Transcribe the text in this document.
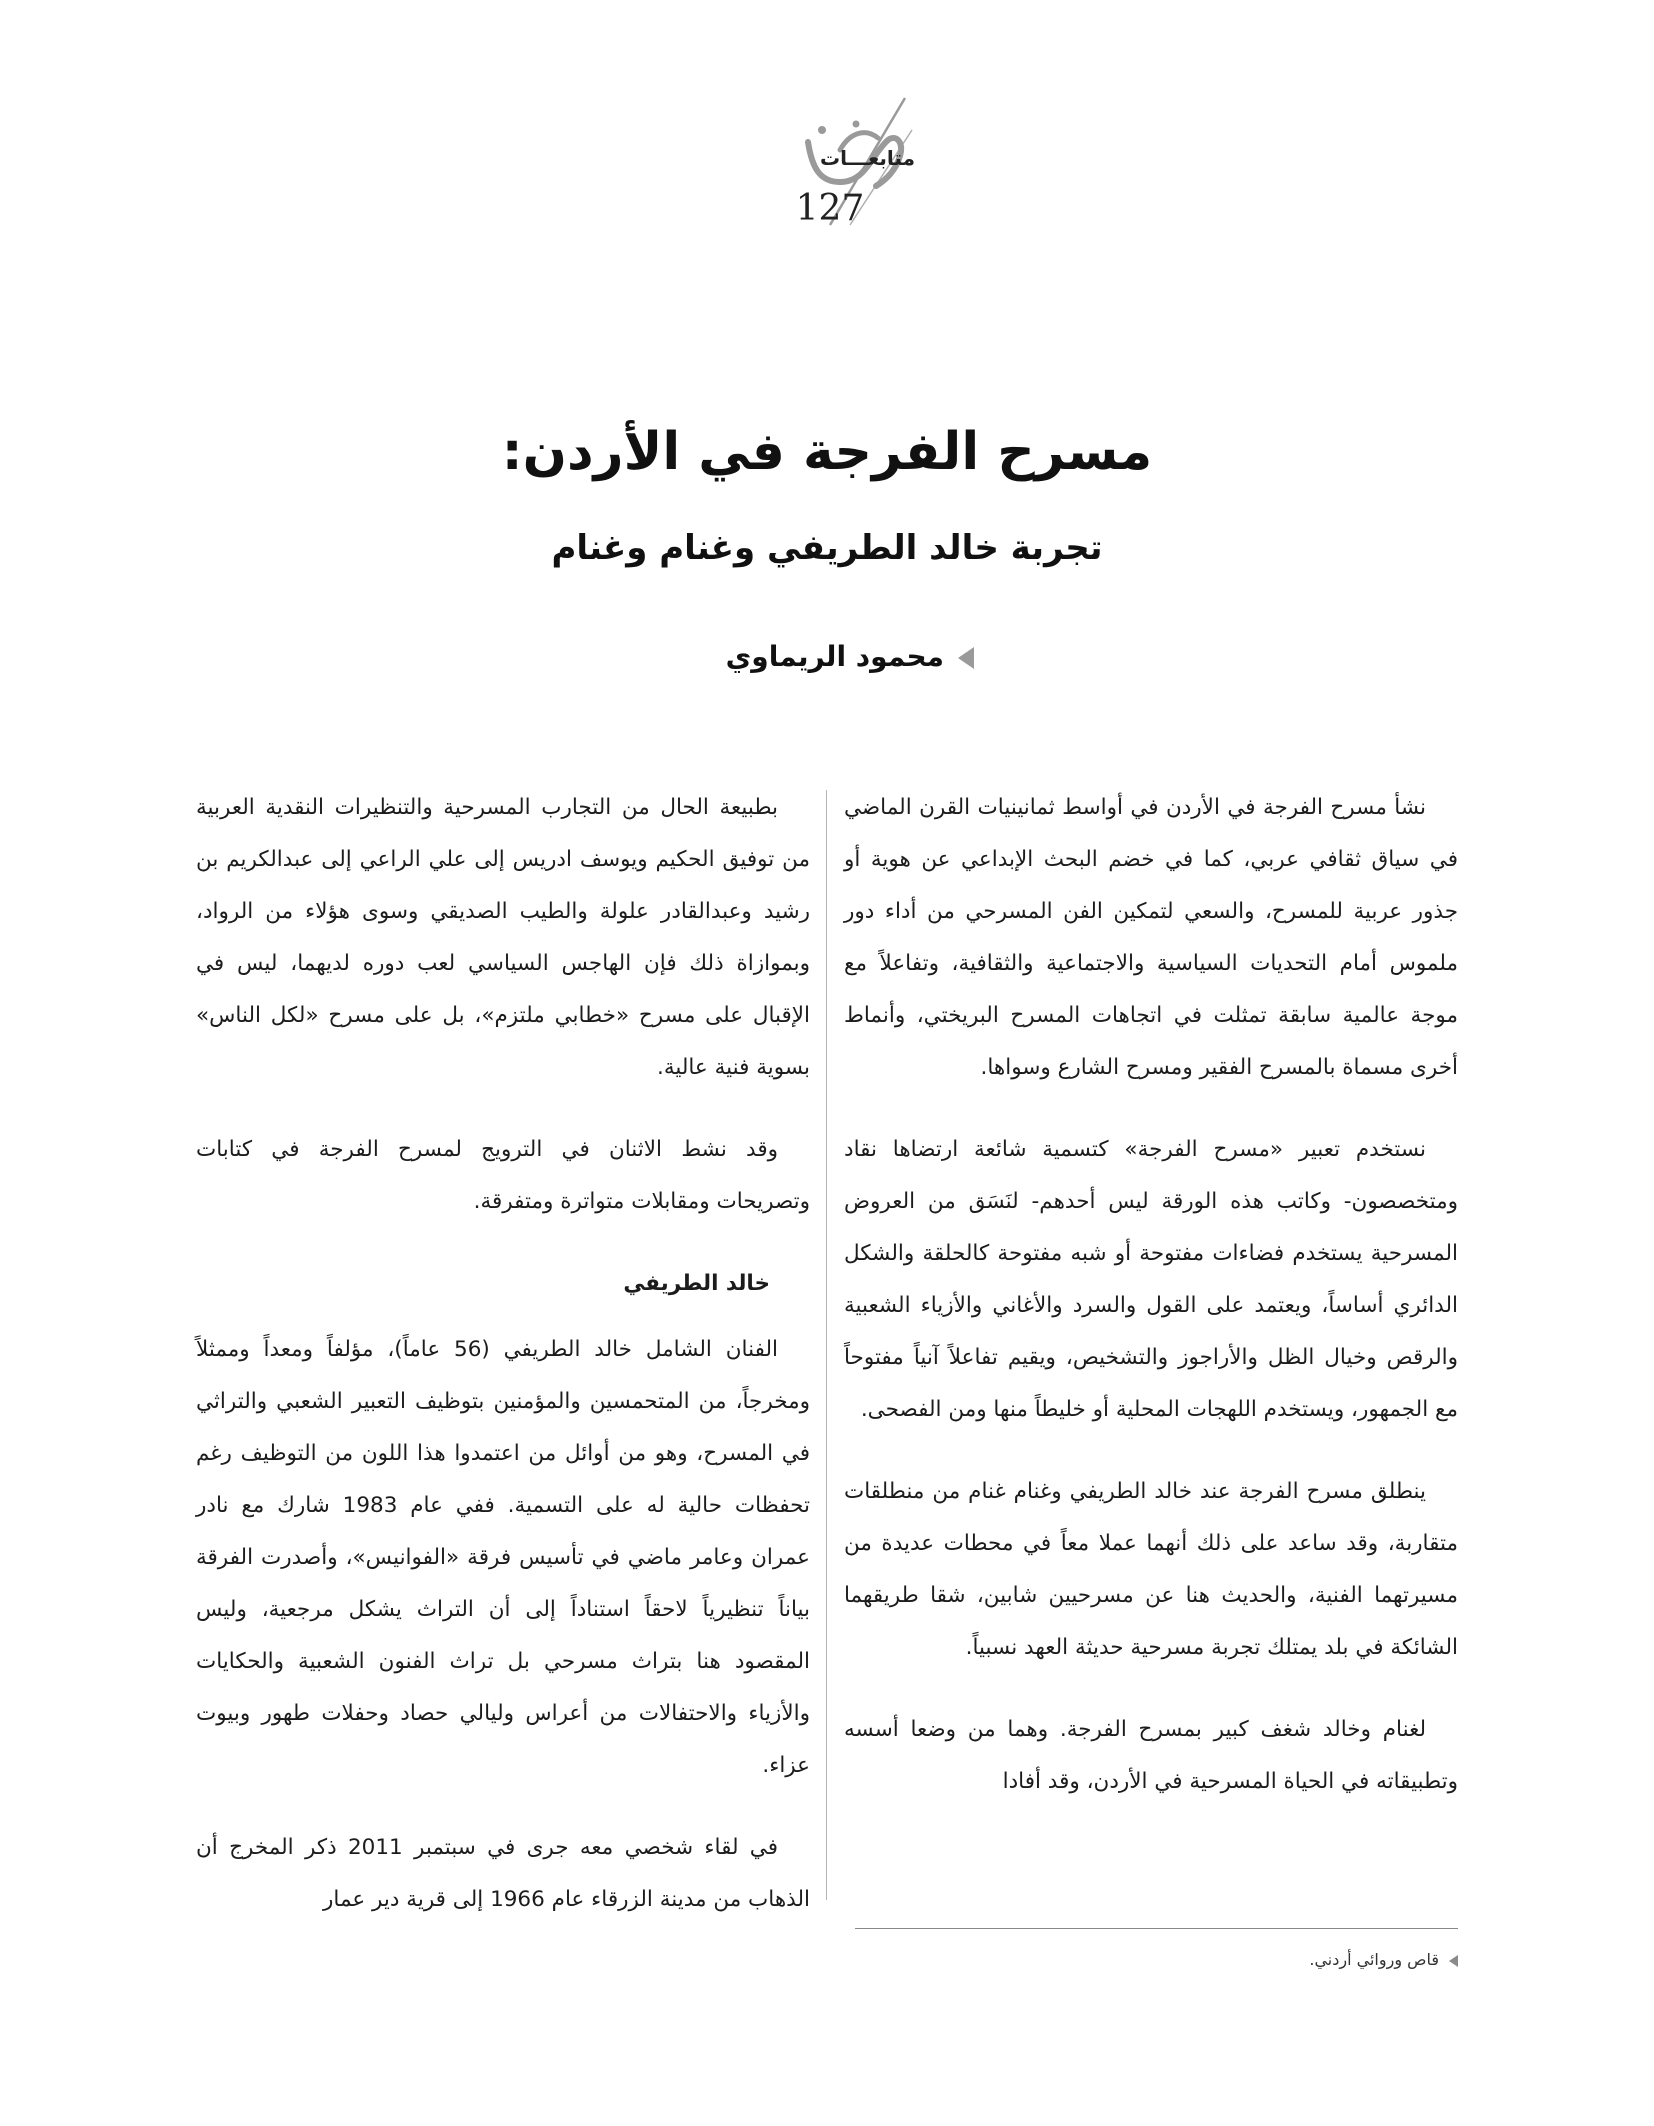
متابعـــات
127
مسرح الفرجة في الأردن:
تجربة خالد الطريفي وغنام وغنام
محمود الريماوي

نشأ مسرح الفرجة في الأردن في أواسط ثمانينيات القرن الماضي في سياق ثقافي عربي، كما في خضم البحث الإبداعي عن هوية أو جذور عربية للمسرح، والسعي لتمكين الفن المسرحي من أداء دور ملموس أمام التحديات السياسية والاجتماعية والثقافية، وتفاعلاً مع موجة عالمية سابقة تمثلت في اتجاهات المسرح البريختي، وأنماط أخرى مسماة بالمسرح الفقير ومسرح الشارع وسواها.

نستخدم تعبير «مسرح الفرجة» كتسمية شائعة ارتضاها نقاد ومتخصصون- وكاتب هذه الورقة ليس أحدهم- لنَسَق من العروض المسرحية يستخدم فضاءات مفتوحة أو شبه مفتوحة كالحلقة والشكل الدائري أساساً، ويعتمد على القول والسرد والأغاني والأزياء الشعبية والرقص وخيال الظل والأراجوز والتشخيص، ويقيم تفاعلاً آنياً مفتوحاً مع الجمهور، ويستخدم اللهجات المحلية أو خليطاً منها ومن الفصحى.

ينطلق مسرح الفرجة عند خالد الطريفي وغنام غنام من منطلقات متقاربة، وقد ساعد على ذلك أنهما عملا معاً في محطات عديدة من مسيرتهما الفنية، والحديث هنا عن مسرحيين شابين، شقا طريقهما الشائكة في بلد يمتلك تجربة مسرحية حديثة العهد نسبياً.

لغنام وخالد شغف كبير بمسرح الفرجة. وهما من وضعا أسسه وتطبيقاته في الحياة المسرحية في الأردن، وقد أفادا

بطبيعة الحال من التجارب المسرحية والتنظيرات النقدية العربية من توفيق الحكيم ويوسف ادريس إلى علي الراعي إلى عبدالكريم بن رشيد وعبدالقادر علولة والطيب الصديقي وسوى هؤلاء من الرواد، وبموازاة ذلك فإن الهاجس السياسي لعب دوره لديهما، ليس في الإقبال على مسرح «خطابي ملتزم»، بل على مسرح «لكل الناس» بسوية فنية عالية.

وقد نشط الاثنان في الترويج لمسرح الفرجة في كتابات وتصريحات ومقابلات متواترة ومتفرقة.

خالد الطريفي

الفنان الشامل خالد الطريفي (56 عاماً)، مؤلفاً ومعداً وممثلاً ومخرجاً، من المتحمسين والمؤمنين بتوظيف التعبير الشعبي والتراثي في المسرح، وهو من أوائل من اعتمدوا هذا اللون من التوظيف رغم تحفظات حالية له على التسمية. ففي عام 1983 شارك مع نادر عمران وعامر ماضي في تأسيس فرقة «الفوانيس»، وأصدرت الفرقة بياناً تنظيرياً لاحقاً استناداً إلى أن التراث يشكل مرجعية، وليس المقصود هنا بتراث مسرحي بل تراث الفنون الشعبية والحكايات والأزياء والاحتفالات من أعراس وليالي حصاد وحفلات طهور وبيوت عزاء.

في لقاء شخصي معه جرى في سبتمبر 2011 ذكر المخرج أن الذهاب من مدينة الزرقاء عام 1966 إلى قرية دير عمار

قاص وروائي أردني.
